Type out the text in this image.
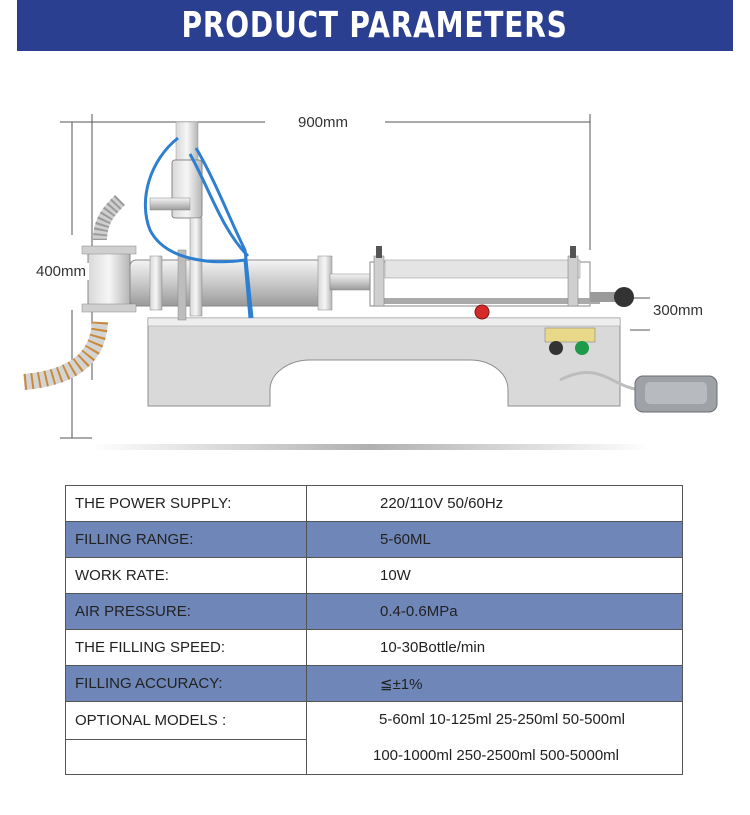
PRODUCT PARAMETERS
900mm
400mm
300mm
THE POWER SUPPLY:	220/110V 50/60Hz
FILLING RANGE:	5-60ML
WORK RATE:	10W
AIR PRESSURE:	0.4-0.6MPa
THE FILLING SPEED:	10-30Bottle/min
FILLING ACCURACY:	≦±1%
OPTIONAL MODELS :	5-60ml 10-125ml 25-250ml 50-500ml
100-1000ml 250-2500ml 500-5000ml
